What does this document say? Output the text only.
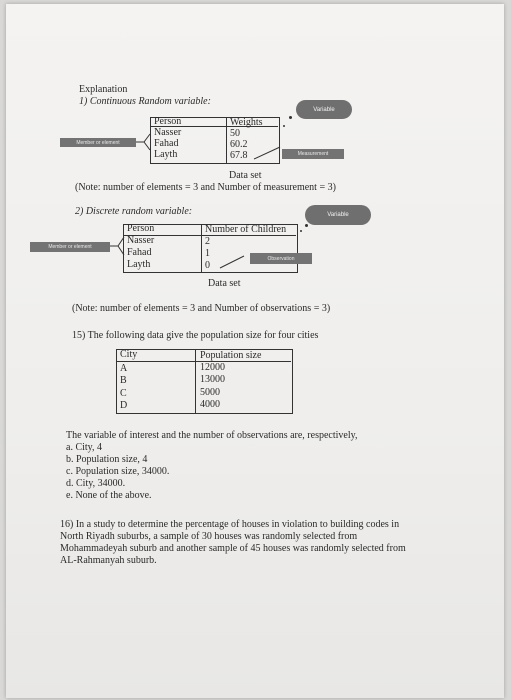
Explanation
1) Continuous Random variable:
Variable
Person
Nasser
Fahad
Layth
Weights
50
60.2
67.8
Member or element
Measurement
Data set
(Note: number of elements = 3 and Number of measurement = 3)
2) Discrete random variable:	Variable
Person
Nasser
Fahad
Layth
Number of Children
2
1
0
Member or element
Observation
Data set
(Note: number of elements = 3 and Number of observations = 3)
15) The following data give the population size for four cities
City	Population size
A
B
C
D
12000
13000
5000
4000
The variable of interest and the number of observations are, respectively,
a. City, 4
b. Population size, 4
c. Population size, 34000.
d. City, 34000.
e. None of the above.
16) In a study to determine the percentage of houses in violation to building codes in
North Riyadh suburbs, a sample of 30 houses was randomly selected from
Mohammadeyah suburb and another sample of 45 houses was randomly selected from
AL-Rahmanyah suburb.
